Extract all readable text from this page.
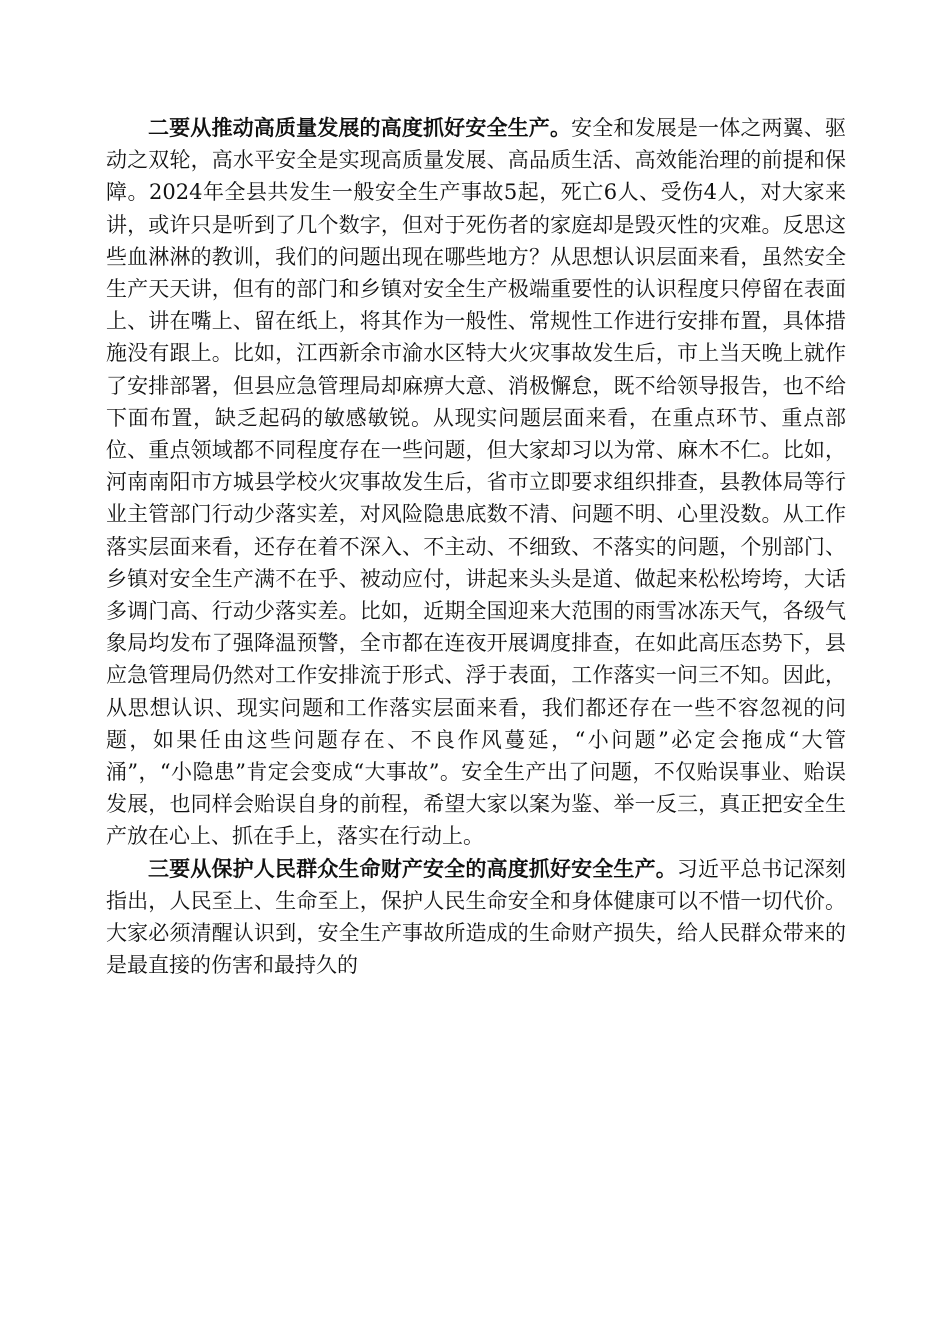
二要从推动高质量发展的高度抓好安全生产。安全和发展是一体之两翼、驱动之双轮，高水平安全是实现高质量发展、高品质生活、高效能治理的前提和保障。2024年全县共发生一般安全生产事故5起，死亡6人、受伤4人，对大家来讲，或许只是听到了几个数字，但对于死伤者的家庭却是毁灭性的灾难。反思这些血淋淋的教训，我们的问题出现在哪些地方？从思想认识层面来看，虽然安全生产天天讲，但有的部门和乡镇对安全生产极端重要性的认识程度只停留在表面上、讲在嘴上、留在纸上，将其作为一般性、常规性工作进行安排布置，具体措施没有跟上。比如，江西新余市渝水区特大火灾事故发生后，市上当天晚上就作了安排部署，但县应急管理局却麻痹大意、消极懈怠，既不给领导报告，也不给下面布置，缺乏起码的敏感敏锐。从现实问题层面来看，在重点环节、重点部位、重点领域都不同程度存在一些问题，但大家却习以为常、麻木不仁。比如，河南南阳市方城县学校火灾事故发生后，省市立即要求组织排查，县教体局等行业主管部门行动少落实差，对风险隐患底数不清、问题不明、心里没数。从工作落实层面来看，还存在着不深入、不主动、不细致、不落实的问题，个别部门、乡镇对安全生产满不在乎、被动应付，讲起来头头是道、做起来松松垮垮，大话多调门高、行动少落实差。比如，近期全国迎来大范围的雨雪冰冻天气，各级气象局均发布了强降温预警，全市都在连夜开展调度排查，在如此高压态势下，县应急管理局仍然对工作安排流于形式、浮于表面，工作落实一问三不知。因此，从思想认识、现实问题和工作落实层面来看，我们都还存在一些不容忽视的问题，如果任由这些问题存在、不良作风蔓延，“小问题”必定会拖成“大管涌”，“小隐患”肯定会变成“大事故”。安全生产出了问题，不仅贻误事业、贻误发展，也同样会贻误自身的前程，希望大家以案为鉴、举一反三，真正把安全生产放在心上、抓在手上，落实在行动上。

三要从保护人民群众生命财产安全的高度抓好安全生产。习近平总书记深刻指出，人民至上、生命至上，保护人民生命安全和身体健康可以不惜一切代价。大家必须清醒认识到，安全生产事故所造成的生命财产损失，给人民群众带来的是最直接的伤害和最持久的
